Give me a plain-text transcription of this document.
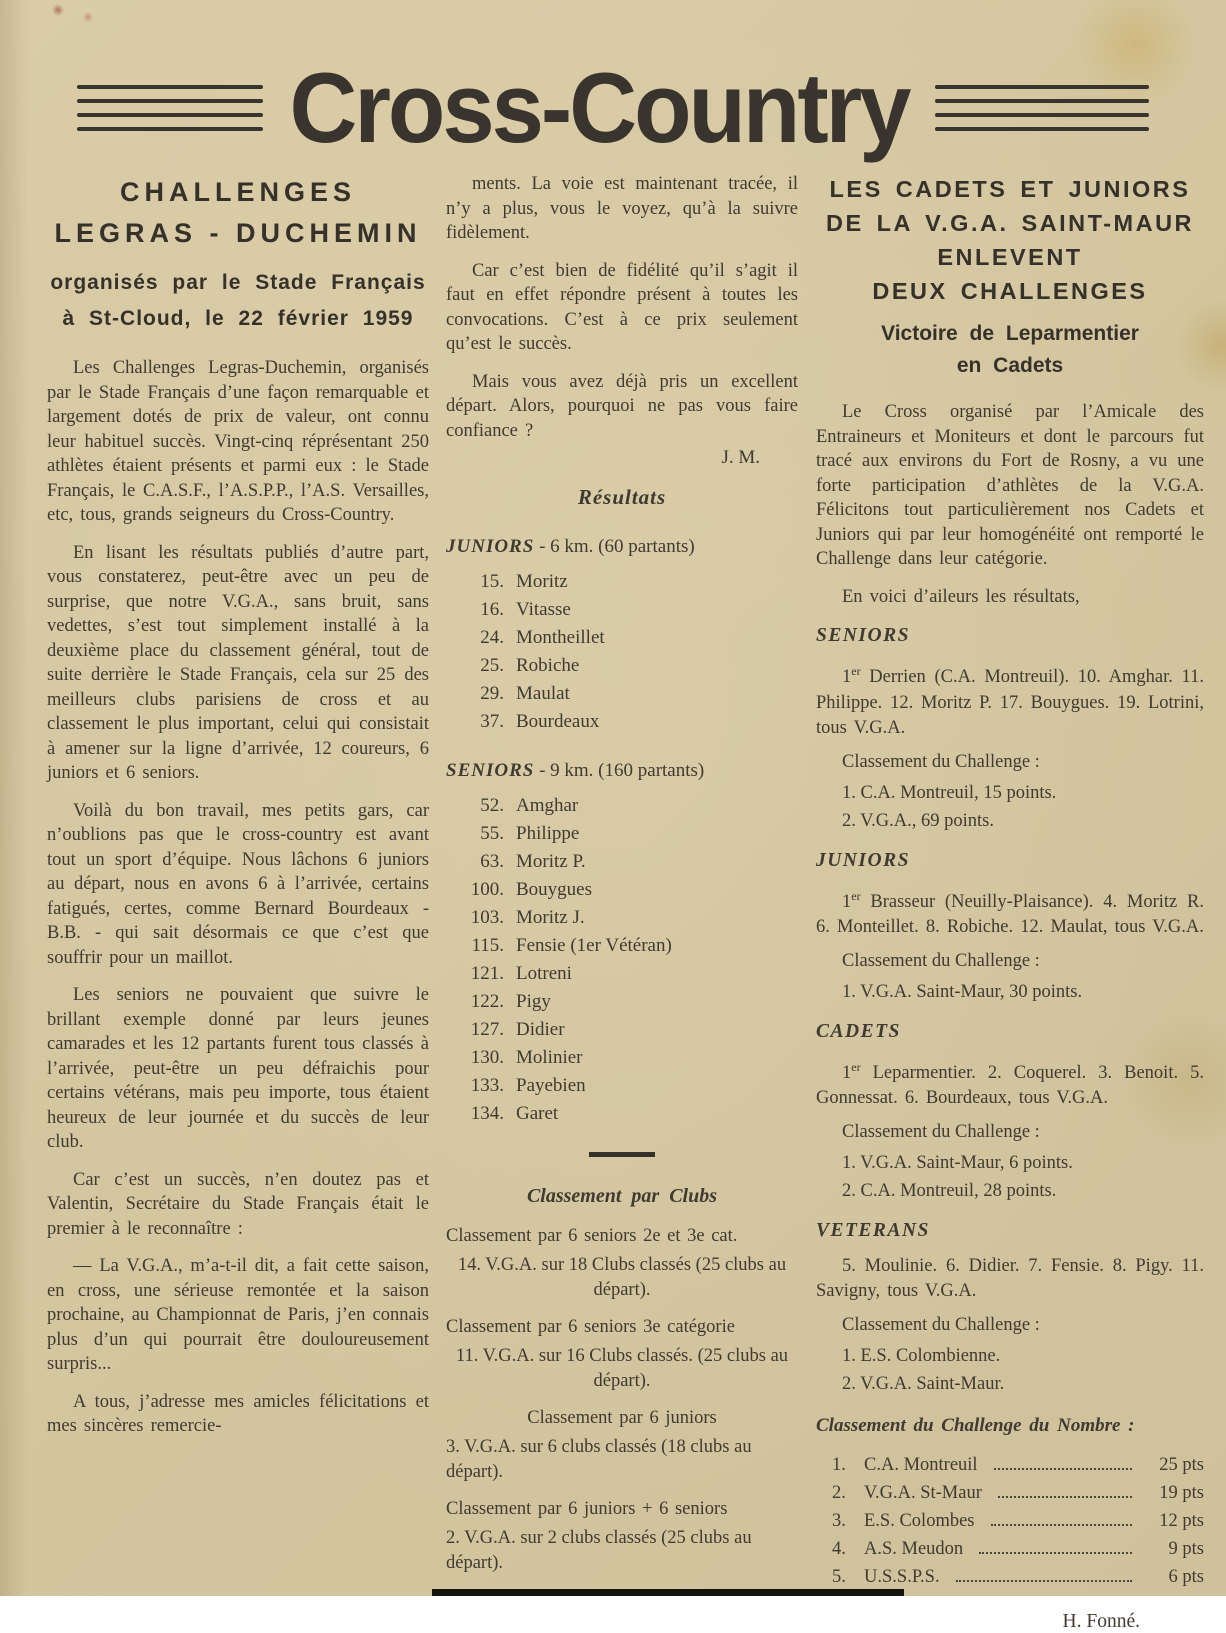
Cross-Country
CHALLENGES
LEGRAS - DUCHEMIN
organisés par le Stade Français
à St-Cloud, le 22 février 1959

Les Challenges Legras-Duchemin, organisés par le Stade Français d’une façon remarquable et largement dotés de prix de valeur, ont connu leur habituel succès. Vingt-cinq réprésentant 250 athlètes étaient présents et parmi eux : le Stade Français, le C.A.S.F., l’A.S.P.P., l’A.S. Versailles, etc, tous, grands seigneurs du Cross-Country.

En lisant les résultats publiés d’autre part, vous constaterez, peut-être avec un peu de surprise, que notre V.G.A., sans bruit, sans vedettes, s’est tout simplement installé à la deuxième place du classement général, tout de suite derrière le Stade Français, cela sur 25 des meilleurs clubs parisiens de cross et au classement le plus important, celui qui consistait à amener sur la ligne d’arrivée, 12 coureurs, 6 juniors et 6 seniors.

Voilà du bon travail, mes petits gars, car n’oublions pas que le cross-country est avant tout un sport d’équipe. Nous lâchons 6 juniors au départ, nous en avons 6 à l’arrivée, certains fatigués, certes, comme Bernard Bourdeaux - B.B. - qui sait désormais ce que c’est que souffrir pour un maillot.

Les seniors ne pouvaient que suivre le brillant exemple donné par leurs jeunes camarades et les 12 partants furent tous classés à l’arrivée, peut-être un peu défraichis pour certains vétérans, mais peu importe, tous étaient heureux de leur journée et du succès de leur club.

Car c’est un succès, n’en doutez pas et Valentin, Secrétaire du Stade Français était le premier à le reconnaître :

— La V.G.A., m’a-t-il dit, a fait cette saison, en cross, une sérieuse remontée et la saison prochaine, au Championnat de Paris, j’en connais plus d’un qui pourrait être douloureusement surpris...

A tous, j’adresse mes amicles félicitations et mes sincères remercie-

ments. La voie est maintenant tracée, il n’y a plus, vous le voyez, qu’à la suivre fidèlement.

Car c’est bien de fidélité qu’il s’agit il faut en effet répondre présent à toutes les convocations. C’est à ce prix seulement qu’est le succès.

Mais vous avez déjà pris un excellent départ. Alors, pourquoi ne pas vous faire confiance ?

J. M.
Résultats
JUNIORS - 6 km. (60 partants)
15. Moritz
16. Vitasse
24. Montheillet
25. Robiche
29. Maulat
37. Bourdeaux
SENIORS - 9 km. (160 partants)
52. Amghar
55. Philippe
63. Moritz P.
100. Bouygues
103. Moritz J.
115. Fensie (1er Vétéran)
121. Lotreni
122. Pigy
127. Didier
130. Molinier
133. Payebien
134. Garet
Classement par Clubs
Classement par 6 seniors 2e et 3e cat.
14. V.G.A. sur 18 Clubs classés (25 clubs au départ).
Classement par 6 seniors 3e catégorie
11. V.G.A. sur 16 Clubs classés. (25 clubs au départ).
Classement par 6 juniors
3. V.G.A. sur 6 clubs classés (18 clubs au départ).
Classement par 6 juniors + 6 seniors
2. V.G.A. sur 2 clubs classés (25 clubs au départ).
LES CADETS ET JUNIORS
DE LA V.G.A. SAINT-MAUR
ENLEVENT
DEUX CHALLENGES
Victoire de Leparmentier
en Cadets

Le Cross organisé par l’Amicale des Entraineurs et Moniteurs et dont le parcours fut tracé aux environs du Fort de Rosny, a vu une forte participation d’athlètes de la V.G.A. Félicitons tout particulièrement nos Cadets et Juniors qui par leur homogénéité ont remporté le Challenge dans leur catégorie.

En voici d’aileurs les résultats,

SENIORS

1er Derrien (C.A. Montreuil). 10. Amghar. 11. Philippe. 12. Moritz P. 17. Bouygues. 19. Lotrini, tous V.G.A.

Classement du Challenge :
1. C.A. Montreuil, 15 points.
2. V.G.A., 69 points.
JUNIORS

1er Brasseur (Neuilly-Plaisance). 4. Moritz R. 6. Monteillet. 8. Robiche. 12. Maulat, tous V.G.A.

Classement du Challenge :
1. V.G.A. Saint-Maur, 30 points.
CADETS

1er Leparmentier. 2. Coquerel. 3. Benoit. 5. Gonnessat. 6. Bourdeaux, tous V.G.A.

Classement du Challenge :
1. V.G.A. Saint-Maur, 6 points.
2. C.A. Montreuil, 28 points.
VETERANS

5. Moulinie. 6. Didier. 7. Fensie. 8. Pigy. 11. Savigny, tous V.G.A.

Classement du Challenge :
1. E.S. Colombienne.
2. V.G.A. Saint-Maur.
Classement du Challenge du Nombre :
1. C.A. Montreuil	25 pts
2. V.G.A. St-Maur	19 pts
3. E.S. Colombes	12 pts
4. A.S. Meudon	9 pts
5. U.S.S.P.S.	6 pts
H. Fonné.
